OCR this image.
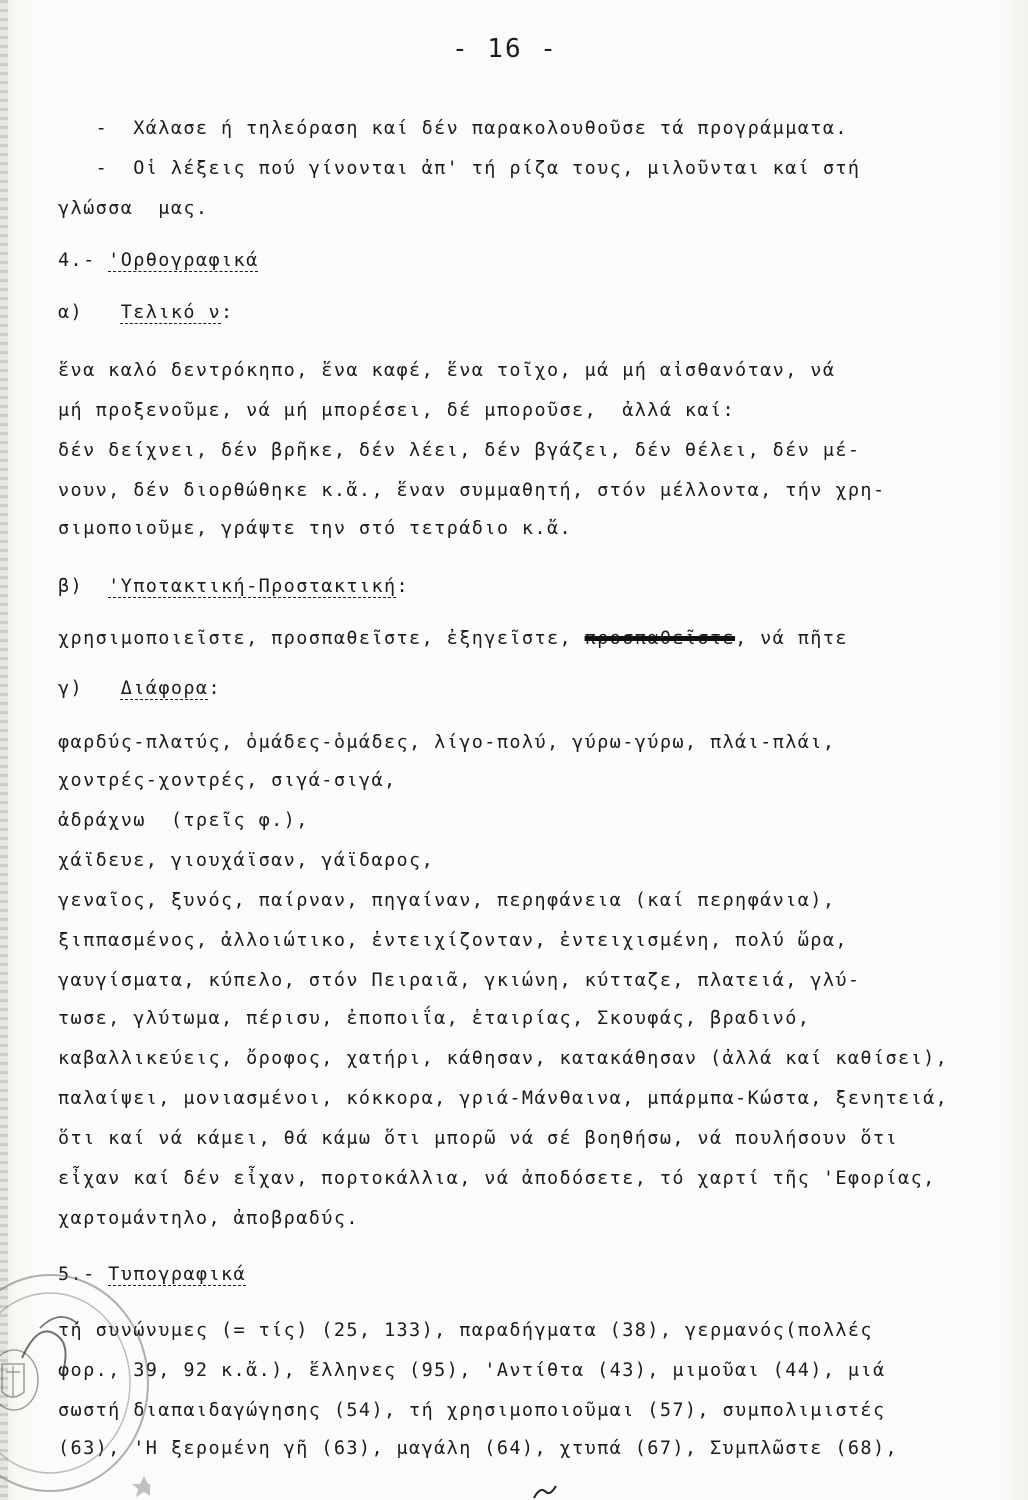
- 16 -
-  Χάλασε ή τηλεόραση καί δέν παρακολουθοῦσε τά προγράμματα.
-  Οἱ λέξεις πού γίνονται ἀπ' τή ρίζα τους, μιλοῦνται καί στή
γλώσσα  μας.
4.- 'Ορθογραφικά
α)   Τελικό ν:
ἕνα καλό δεντρόκηπο, ἕνα καφέ, ἕνα τοῖχο, μά μή αἰσθανόταν, νά
μή προξενοῦμε, νά μή μπορέσει, δέ μποροῦσε,  ἀλλά καί:
δέν δείχνει, δέν βρῆκε, δέν λέει, δέν βγάζει, δέν θέλει, δέν μέ-
νουν, δέν διορθώθηκε κ.ἄ., ἕναν συμμαθητή, στόν μέλλοντα, τήν χρη-
σιμοποιοῦμε, γράψτε την στό τετράδιο κ.ἄ.
β)  'Υποτακτική-Προστακτική:
χρησιμοποιεῖστε, προσπαθεῖστε, ἐξηγεῖστε, προσπαθεῖστε, νά πῆτε
γ)   Διάφορα:
φαρδύς-πλατύς, ὁμάδες-ὁμάδες, λίγο-πολύ, γύρω-γύρω, πλάι-πλάι,
χοντρές-χοντρές, σιγά-σιγά,
ἀδράχνω  (τρεῖς φ.),
χάϊδευε, γιουχάϊσαν, γάϊδαρος,
γεναῖος, ξυνός, παίρναν, πηγαίναν, περηφάνεια (καί περηφάνια),
ξιππασμένος, ἀλλοιώτικο, ἐντειχίζονταν, ἐντειχισμένη, πολύ ὥρα,
γαυγίσματα, κύπελο, στόν Πειραιᾶ, γκιώνη, κύτταζε, πλατειά, γλύ-
τωσε, γλύτωμα, πέρισυ, ἐποποιΐα, ἑταιρίας, Σκουφάς, βραδινό,
καβαλλικεύεις, ὄροφος, χατήρι, κάθησαν, κατακάθησαν (ἀλλά καί καθίσει),
παλαίψει, μονιασμένοι, κόκκορα, γριά-Μάνθαινα, μπάρμπα-Κώστα, ξενητειά,
ὅτι καί νά κάμει, θά κάμω ὅτι μπορῶ νά σέ βοηθήσω, νά πουλήσουν ὅτι
εἶχαν καί δέν εἶχαν, πορτοκάλλια, νά ἀποδόσετε, τό χαρτί τῆς 'Εφορίας,
χαρτομάντηλο, ἀποβραδύς.
5.- Τυπογραφικά
τή συνώνυμες (= τίς) (25, 133), παραδήγματα (38), γερμανός(πολλές
φορ., 39, 92 κ.ἄ.), ἕλληνες (95), 'Αντίθτα (43), μιμοῦαι (44), μιά
σωστή διαπαιδαγώγησης (54), τή χρησιμοποιοῦμαι (57), συμπολιμιστές
(63), 'Η ξερομένη γῆ (63), μαγάλη (64), χτυπά (67), Συμπλῶστε (68),
